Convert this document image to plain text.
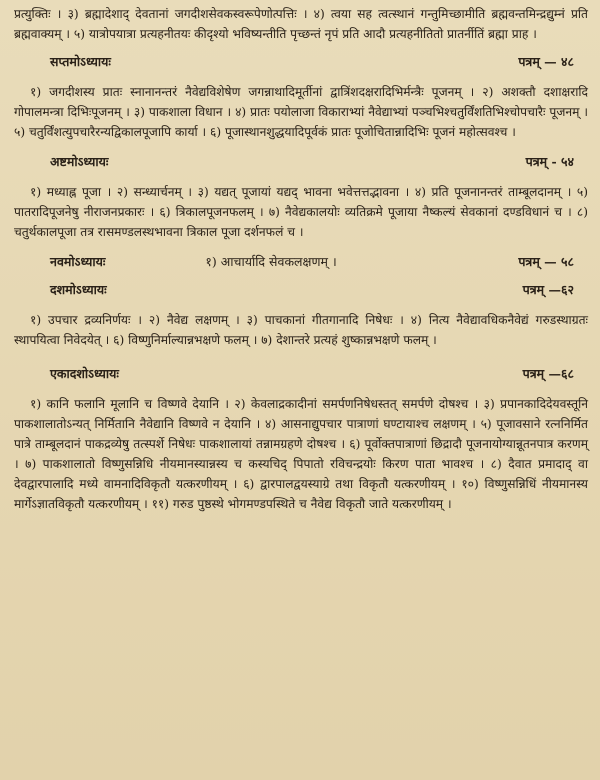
प्रत्युक्तिः । ३) ब्रह्मादेशाद् देवतानां जगदीशसेवकस्वरूपेणोत्पत्तिः । ४) त्वया सह त्वत्स्थानं गन्तुमिच्छामीति ब्रह्मवन्तमिन्द्रद्युम्नं प्रति ब्रह्मवाक्यम् । ५) यात्रोपयात्रा प्रत्यहनीतयः कीदृश्यो भविष्यन्तीति पृच्छन्तं नृपं प्रति आदौ प्रत्यहनीतितो प्रातर्नीतिं ब्रह्मा प्राह ।

सप्तमोऽध्यायः	पत्रम् — ४८

१) जगदीशस्य प्रातः स्नानानन्तरं नैवेद्यविशेषेण जगन्नाथादिमूर्तीनां द्वात्रिंशदक्षरादिभिर्मन्त्रैः पूजनम् । २) अशक्तौ दशाक्षरादि गोपालमन्त्रा दिभिःपूजनम् । ३) पाकशाला विधान । ४) प्रातः पयोलाजा विकाराभ्यां नैवेद्याभ्यां पञ्चभिश्चतुर्विंशतिभिश्चोपचारैः पूजनम् । ५) चतुर्विंशत्युपचारैरन्यद्विकालपूजापि कार्या । ६) पूजास्थानशुद्धयादिपूर्वकं प्रातः पूजोचितान्नादिभिः पूजनं महोत्सवश्च ।

अष्टमोऽध्यायः	पत्रम् - ५४

१) मध्याह्न पूजा । २) सन्ध्यार्चनम् । ३) यद्यत् पूजायां यद्यद् भावना भवेत्तत्तद्भावना । ४) प्रति पूजनानन्तरं ताम्बूलदानम् । ५) पातरादिपूजनेषु नीराजनप्रकारः । ६) त्रिकालपूजनफलम् । ७) नैवेद्यकालयोः व्यतिक्रमे पूजाया नैष्कल्यं सेवकानां दण्डविधानं च । ८) चतुर्थकालपूजा तत्र रासमण्डलस्थभावना त्रिकाल पूजा दर्शनफलं च ।

नवमोऽध्यायः	१) आचार्यादि सेवकलक्षणम् ।	पत्रम् — ५८
दशमोऽध्यायः	पत्रम् —६२

१) उपचार द्रव्यनिर्णयः । २) नैवेद्य लक्षणम् । ३) पाचकानां गीतगानादि निषेधः । ४) नित्य नैवेद्यावधिकनैवेद्यं गरुडस्थाग्रतः स्थापयित्वा निवेदयेत् । ६) विष्णुनिर्माल्यान्नभक्षणे फलम् । ७) देशान्तरे प्रत्यहं शुष्कान्नभक्षणे फलम् ।

एकादशोऽध्यायः	पत्रम् —६८

१) कानि फलानि मूलानि च विष्णवे देयानि । २) केवलाद्रकादीनां समर्पणनिषेधस्तत् समर्पणे दोषश्च । ३) प्रपानकादिदेयवस्तूनि पाकशालातोऽन्यत् निर्मितानि नैवेद्यानि विष्णवे न देयानि । ४) आसनाद्युपचार पात्राणां घण्टायाश्च लक्षणम् । ५) पूजावसाने रत्ननिर्मित पात्रे ताम्बूलदानं पाकद्रव्येषु तत्स्पर्शे निषेधः पाकशालायां तन्नामग्रहणे दोषश्च । ६) पूर्वोक्तपात्राणां छिद्रादौ पूजनायोग्यान्नूतनपात्र करणम् । ७) पाकशालातो विष्णुसन्निधि नीयमानस्यान्नस्य च कस्यचिद् पिपातो रविचन्द्रयोः किरण पाता भावश्च । ८) दैवात प्रमादाद् वा देवद्वारपालादि मध्ये वामनादिविकृतौ यत्करणीयम् । ६) द्वारपालद्वयस्याग्रे तथा विकृतौ यत्करणीयम् । १०) विष्णुसन्निधिं नीयमानस्य मार्गेऽज्ञातविकृतौ यत्करणीयम् । ११) गरुड पुष्ठस्थे भोगमण्डपस्थिते च नैवेद्य विकृतौ जाते यत्करणीयम् ।
